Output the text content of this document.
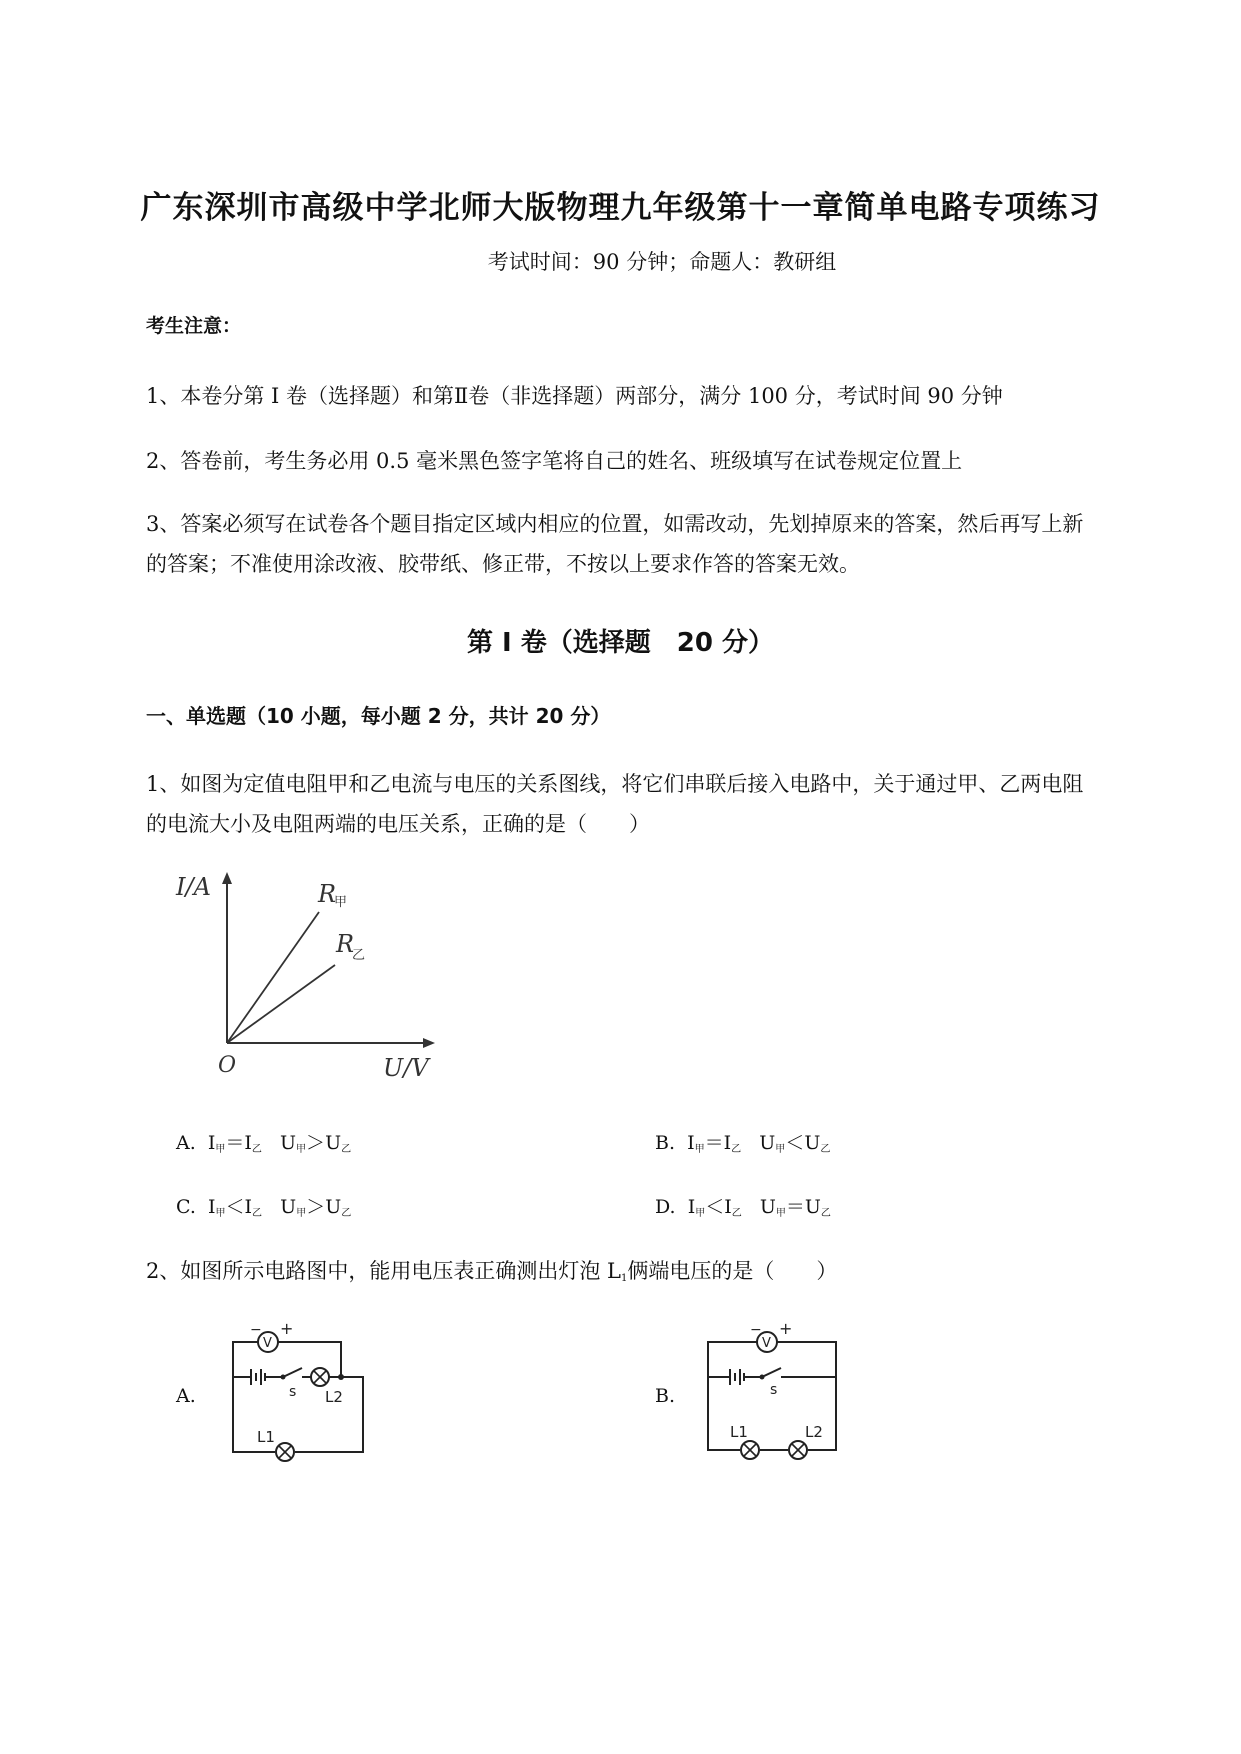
广东深圳市高级中学北师大版物理九年级第十一章简单电路专项练习
考试时间：90 分钟；命题人：教研组
考生注意：
1、本卷分第 I 卷（选择题）和第Ⅱ卷（非选择题）两部分，满分 100 分，考试时间 90 分钟
2、答卷前，考生务必用 0.5 毫米黑色签字笔将自己的姓名、班级填写在试卷规定位置上
3、答案必须写在试卷各个题目指定区域内相应的位置，如需改动，先划掉原来的答案，然后再写上新
的答案；不准使用涂改液、胶带纸、修正带，不按以上要求作答的答案无效。
第 I 卷（选择题　20 分）
一、单选题（10 小题，每小题 2 分，共计 20 分）
1、如图为定值电阻甲和乙电流与电压的关系图线，将它们串联后接入电路中，关于通过甲、乙两电阻
的电流大小及电阻两端的电压关系，正确的是（　　）
I/A
U/V
O
R
甲
R
乙
A. $I_甲=I_乙$ $U_甲>U_乙$	B. $I_甲=I_乙$ $U_甲<U_乙$
C. $I_甲<I_乙$ $U_甲>U_乙$	D. $I_甲<I_乙$ $U_甲=U_乙$
2、如图所示电路图中，能用电压表正确测出灯泡 $L_1$俩端电压的是（　　）
A.	B.
V
− +
s L2
L1
V
− +
s
L1	L2
